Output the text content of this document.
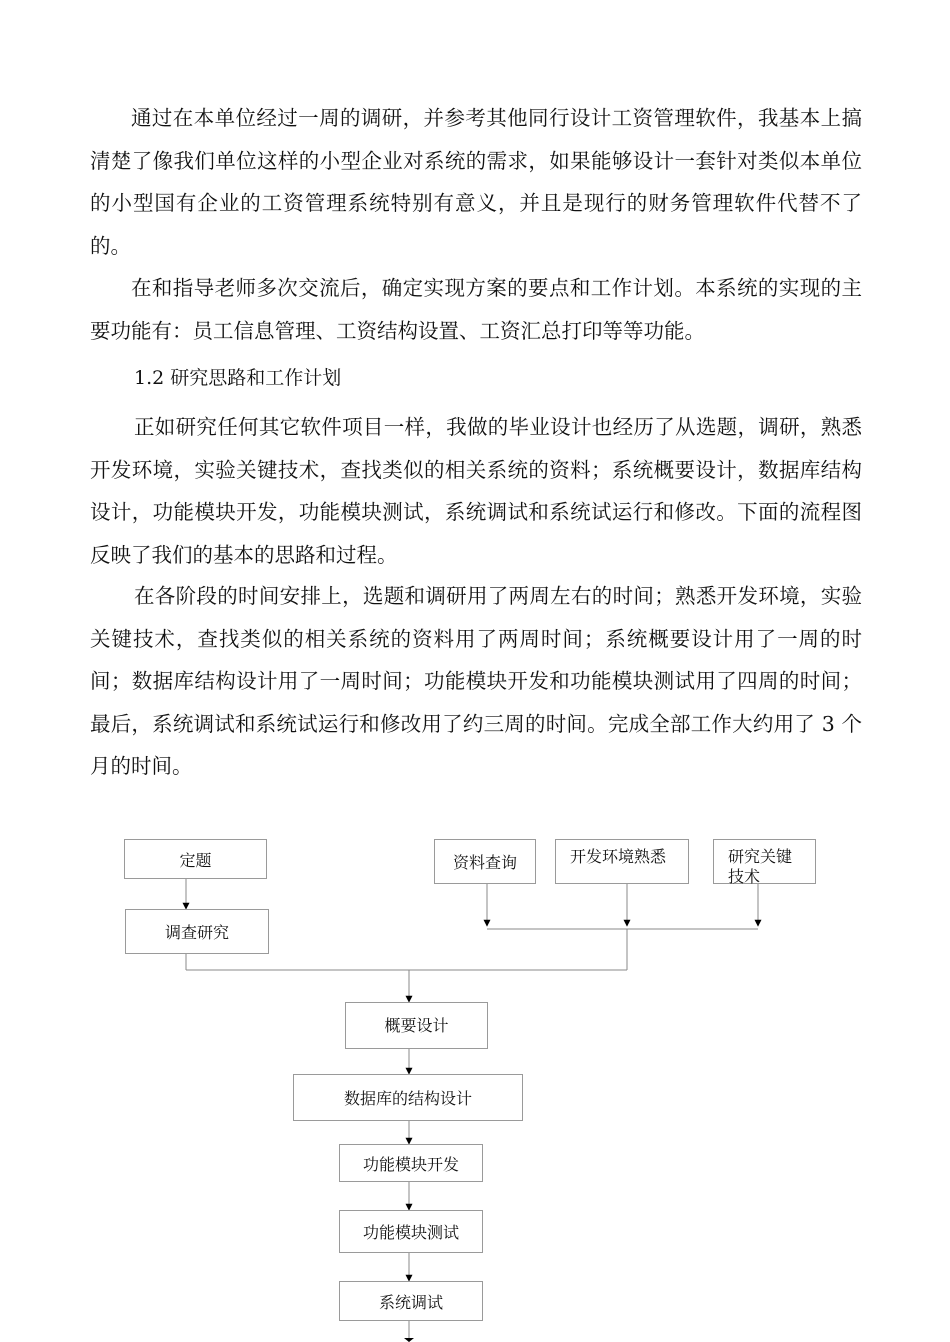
通过在本单位经过一周的调研，并参考其他同行设计工资管理软件，我基本上搞清楚了像我们单位这样的小型企业对系统的需求，如果能够设计一套针对类似本单位的小型国有企业的工资管理系统特别有意义，并且是现行的财务管理软件代替不了的。

在和指导老师多次交流后，确定实现方案的要点和工作计划。本系统的实现的主要功能有：员工信息管理、工资结构设置、工资汇总打印等等功能。

1.2 研究思路和工作计划

正如研究任何其它软件项目一样，我做的毕业设计也经历了从选题，调研，熟悉开发环境，实验关键技术，查找类似的相关系统的资料；系统概要设计，数据库结构设计，功能模块开发，功能模块测试，系统调试和系统试运行和修改。下面的流程图反映了我们的基本的思路和过程。

在各阶段的时间安排上，选题和调研用了两周左右的时间；熟悉开发环境，实验关键技术，查找类似的相关系统的资料用了两周时间；系统概要设计用了一周的时间；数据库结构设计用了一周时间；功能模块开发和功能模块测试用了四周的时间；最后，系统调试和系统试运行和修改用了约三周的时间。完成全部工作大约用了 3 个月的时间。

定题
调查研究
资料查询	开发环境熟悉	研究关键技术
概要设计
数据库的结构设计
功能模块开发
功能模块测试
系统调试
